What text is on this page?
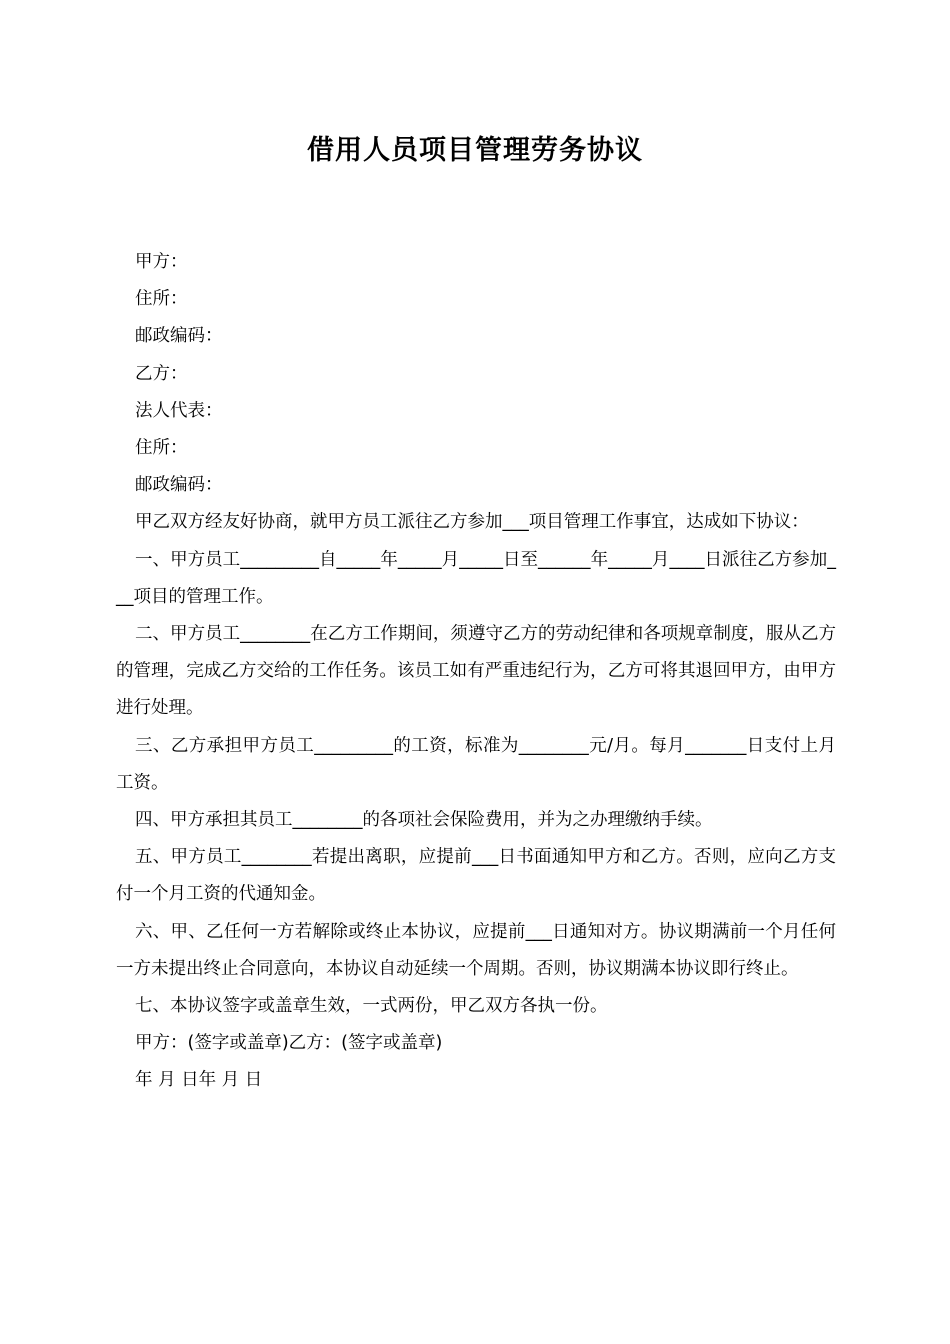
借用人员项目管理劳务协议

甲方：

住所：

邮政编码：

乙方：

法人代表：

住所：

邮政编码：

甲乙双方经友好协商，就甲方员工派往乙方参加___项目管理工作事宜，达成如下协议：

一、甲方员工_________自_____年_____月_____日至______年_____月____日派往乙方参加___项目的管理工作。

二、甲方员工________在乙方工作期间，须遵守乙方的劳动纪律和各项规章制度，服从乙方的管理，完成乙方交给的工作任务。该员工如有严重违纪行为，乙方可将其退回甲方，由甲方进行处理。

三、乙方承担甲方员工_________的工资，标准为________元/月。每月_______日支付上月工资。

四、甲方承担其员工________的各项社会保险费用，并为之办理缴纳手续。

五、甲方员工________若提出离职，应提前___日书面通知甲方和乙方。否则，应向乙方支付一个月工资的代通知金。

六、甲、乙任何一方若解除或终止本协议，应提前___日通知对方。协议期满前一个月任何一方未提出终止合同意向，本协议自动延续一个周期。否则，协议期满本协议即行终止。

七、本协议签字或盖章生效，一式两份，甲乙双方各执一份。

甲方：(签字或盖章)乙方：(签字或盖章)

年 月 日年 月 日
